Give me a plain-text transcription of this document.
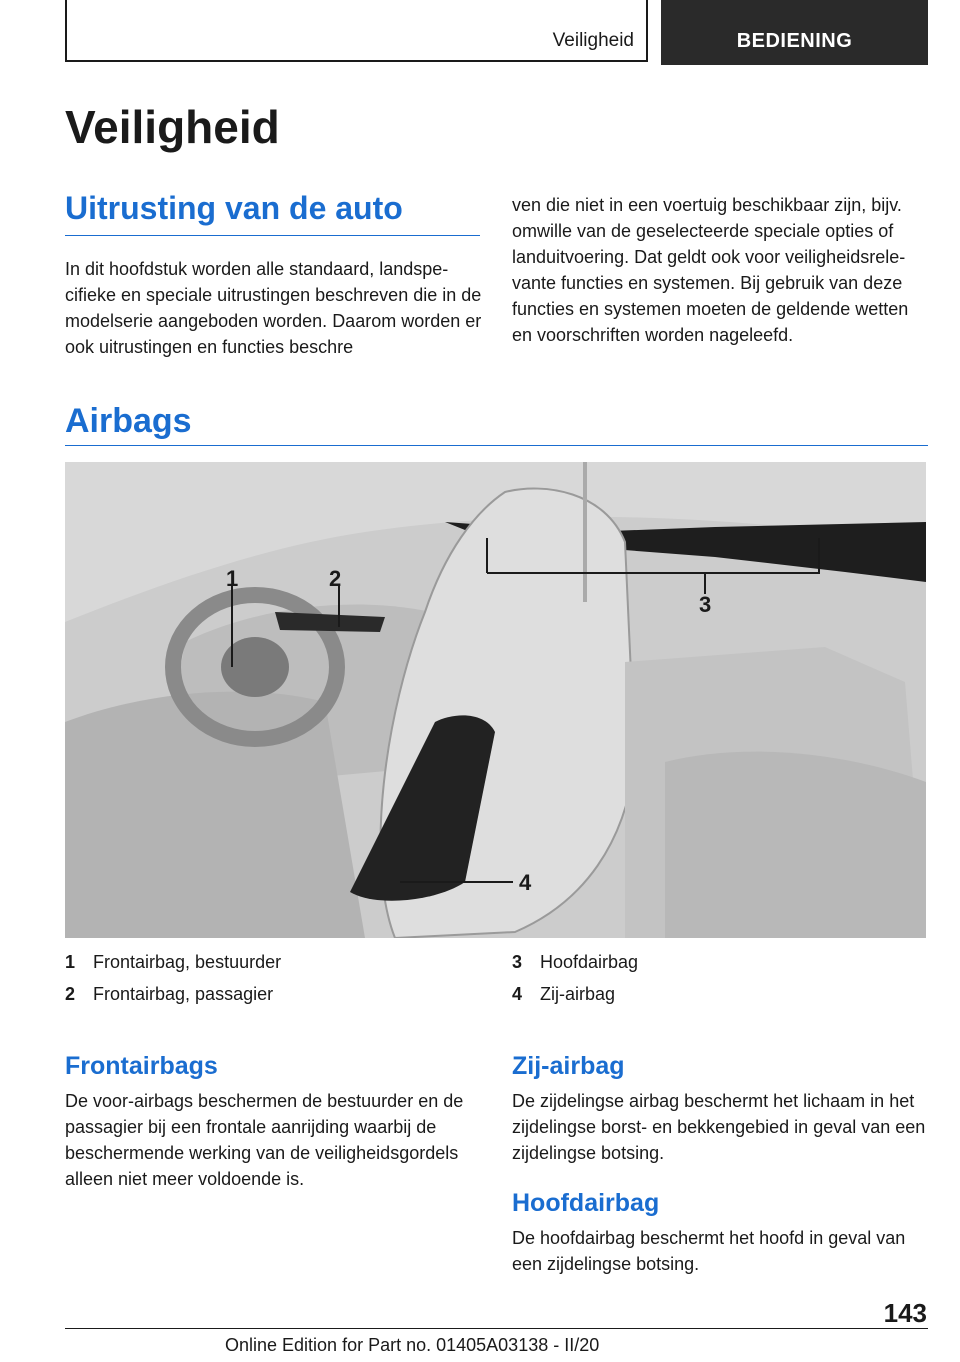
Veiligheid	BEDIENING
Veiligheid
Uitrusting van de auto

In dit hoofdstuk worden alle standaard, landspecifieke en speciale uitrustingen beschreven die in de modelserie aangeboden worden. Daarom worden er ook uitrustingen en functies beschre

ven die niet in een voertuig beschikbaar zijn, bijv. omwille van de geselecteerde speciale opties of landuitvoering. Dat geldt ook voor veiligheidsrelevante functies en systemen. Bij gebruik van deze functies en systemen moeten de geldende wetten en voorschriften worden nageleefd.

Airbags
1	2
3
4
1 Frontairbag, bestuurder
2 Frontairbag, passagier
3 Hoofdairbag
4 Zij-airbag
Frontairbags

De voor-airbags beschermen de bestuurder en de passagier bij een frontale aanrijding waarbij de beschermende werking van de veiligheidsgordels alleen niet meer voldoende is.

Zij-airbag

De zijdelingse airbag beschermt het lichaam in het zijdelingse borst- en bekkengebied in geval van een zijdelingse botsing.

Hoofdairbag

De hoofdairbag beschermt het hoofd in geval van een zijdelingse botsing.

143

Online Edition for Part no. 01405A03138 - II/20
